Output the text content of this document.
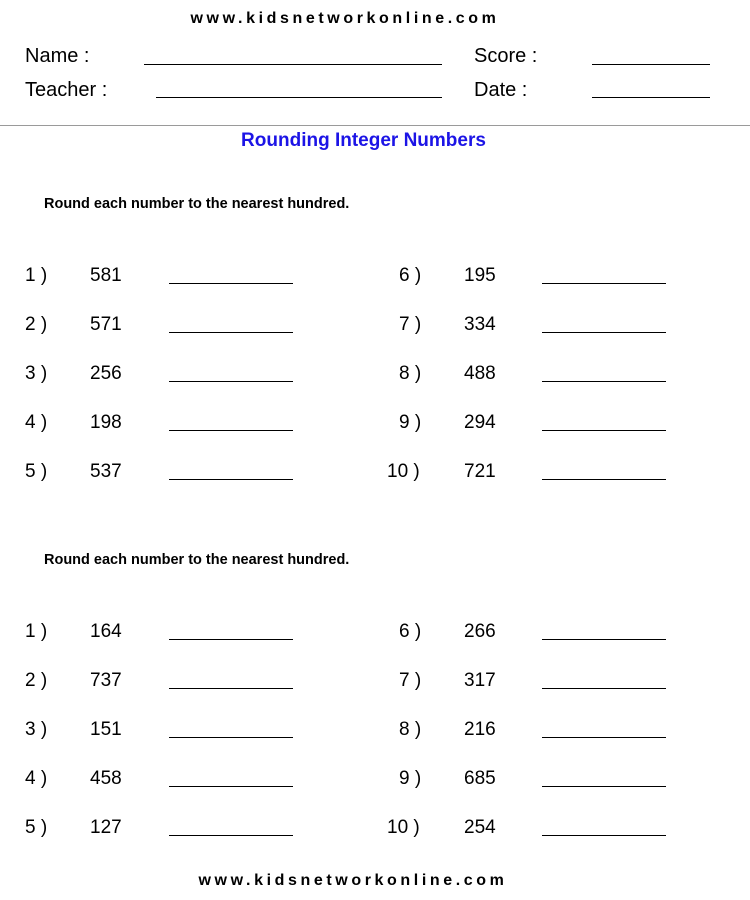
www.kidsnetworkonline.com
Name :	Score :
Teacher :	Date :
Rounding Integer Numbers
Round each number to the nearest hundred.
1 ) 581
2 ) 571
3 ) 256
4 ) 198
5 ) 537
6 ) 195
7 ) 334
8 ) 488
9 ) 294
10 ) 721
Round each number to the nearest hundred.
1 ) 164
2 ) 737
3 ) 151
4 ) 458
5 ) 127
6 ) 266
7 ) 317
8 ) 216
9 ) 685
10 ) 254
www.kidsnetworkonline.com
